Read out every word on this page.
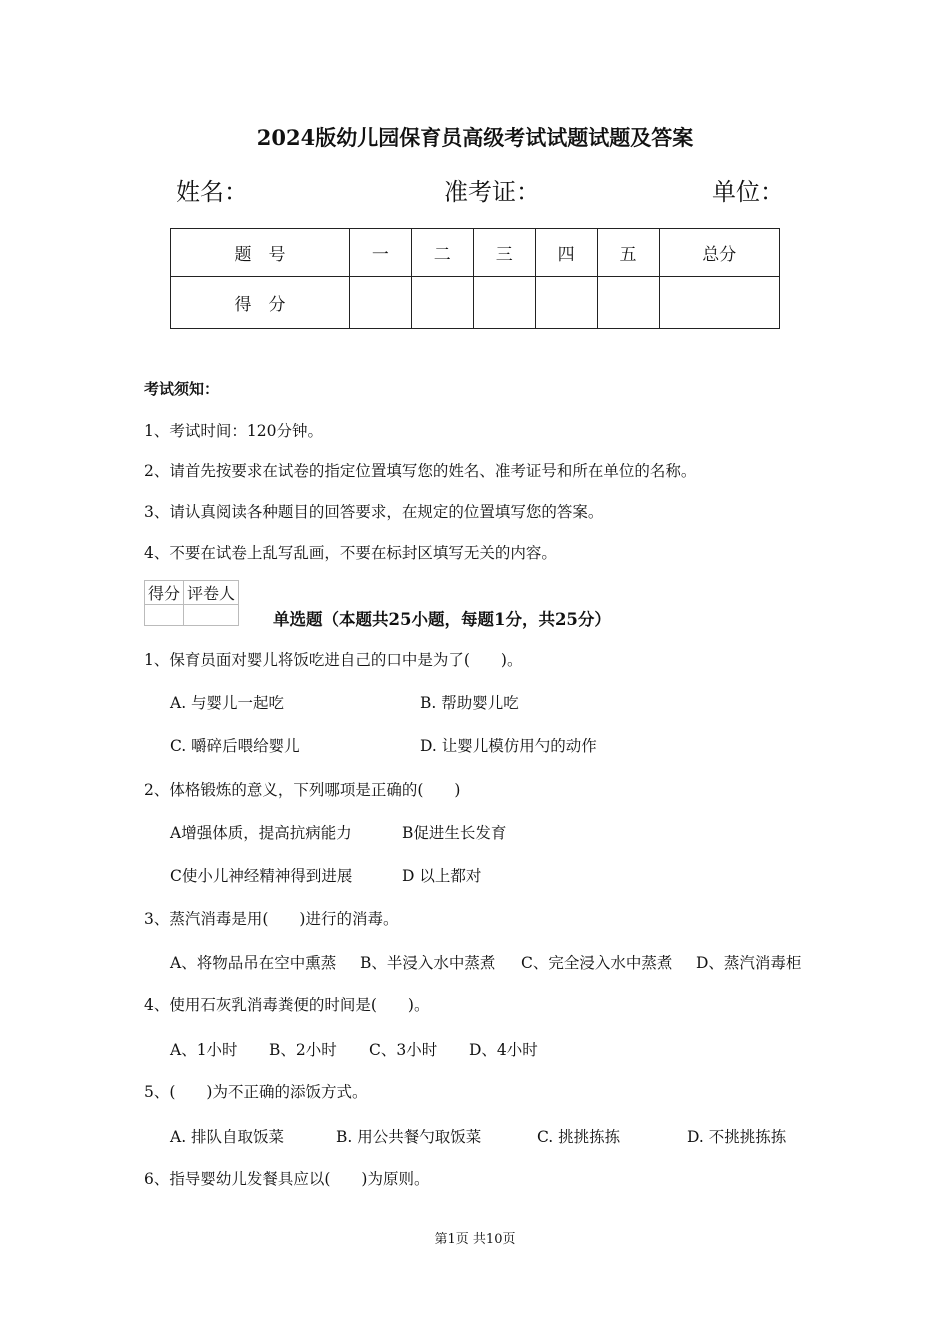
2024版幼儿园保育员高级考试试题试题及答案
姓名：	准考证：	单位：
题　号	一	二	三	四	五	总分
得　分						
考试须知：
1、考试时间：120分钟。
2、请首先按要求在试卷的指定位置填写您的姓名、准考证号和所在单位的名称。
3、请认真阅读各种题目的回答要求，在规定的位置填写您的答案。
4、不要在试卷上乱写乱画，不要在标封区填写无关的内容。
得分	评卷人

单选题（本题共25小题，每题1分，共25分）
1、保育员面对婴儿将饭吃进自己的口中是为了(　　)。
A. 与婴儿一起吃	B. 帮助婴儿吃
C. 嚼碎后喂给婴儿	D. 让婴儿模仿用勺的动作
2、体格锻炼的意义，下列哪项是正确的(　　)
A增强体质，提高抗病能力	B促进生长发育
C使小儿神经精神得到进展	D 以上都对
3、蒸汽消毒是用(　　)进行的消毒。
A、将物品吊在空中熏蒸 B、半浸入水中蒸煮 C、完全浸入水中蒸煮 D、蒸汽消毒柜
4、使用石灰乳消毒粪便的时间是(　　)。
A、1小时 B、2小时 C、3小时 D、4小时
5、(　　)为不正确的添饭方式。
A. 排队自取饭菜	B. 用公共餐勺取饭菜	C. 挑挑拣拣	D. 不挑挑拣拣
6、指导婴幼儿发餐具应以(　　)为原则。
第1页 共10页
